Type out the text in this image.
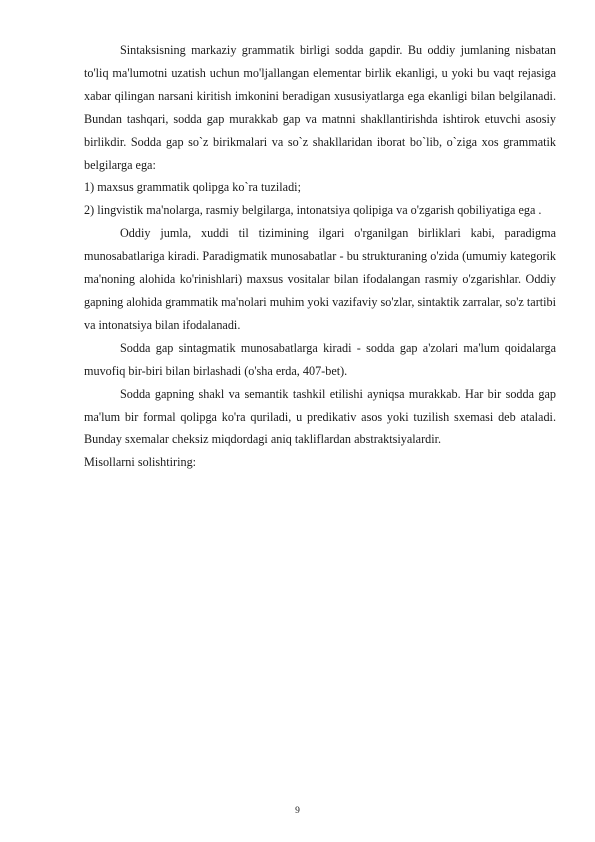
Sintaksisning markaziy grammatik birligi sodda gapdir. Bu oddiy jumlaning nisbatan to'liq ma'lumotni uzatish uchun mo'ljallangan elementar birlik ekanligi, u yoki bu vaqt rejasiga xabar qilingan narsani kiritish imkonini beradigan xususiyatlarga ega ekanligi bilan belgilanadi. Bundan tashqari, sodda gap murakkab gap va matnni shakllantirishda ishtirok etuvchi asosiy birlikdir. Sodda gap so`z birikmalari va so`z shakllaridan iborat bo`lib, o`ziga xos grammatik belgilarga ega:

1) maxsus grammatik qolipga ko`ra tuziladi;

2) lingvistik ma'nolarga, rasmiy belgilarga, intonatsiya qolipiga va o'zgarish qobiliyatiga ega .

Oddiy jumla, xuddi til tizimining ilgari o'rganilgan birliklari kabi, paradigma munosabatlariga kiradi. Paradigmatik munosabatlar - bu strukturaning o'zida (umumiy kategorik ma'noning alohida ko'rinishlari) maxsus vositalar bilan ifodalangan rasmiy o'zgarishlar. Oddiy gapning alohida grammatik ma'nolari muhim yoki vazifaviy so'zlar, sintaktik zarralar, so'z tartibi va intonatsiya bilan ifodalanadi.

Sodda gap sintagmatik munosabatlarga kiradi - sodda gap a'zolari ma'lum qoidalarga muvofiq bir-biri bilan birlashadi (o'sha erda, 407-bet).

Sodda gapning shakl va semantik tashkil etilishi ayniqsa murakkab. Har bir sodda gap ma'lum bir formal qolipga ko'ra quriladi, u predikativ asos yoki tuzilish sxemasi deb ataladi. Bunday sxemalar cheksiz miqdordagi aniq takliflardan abstraktsiyalardir.

Misollarni solishtiring:

9
